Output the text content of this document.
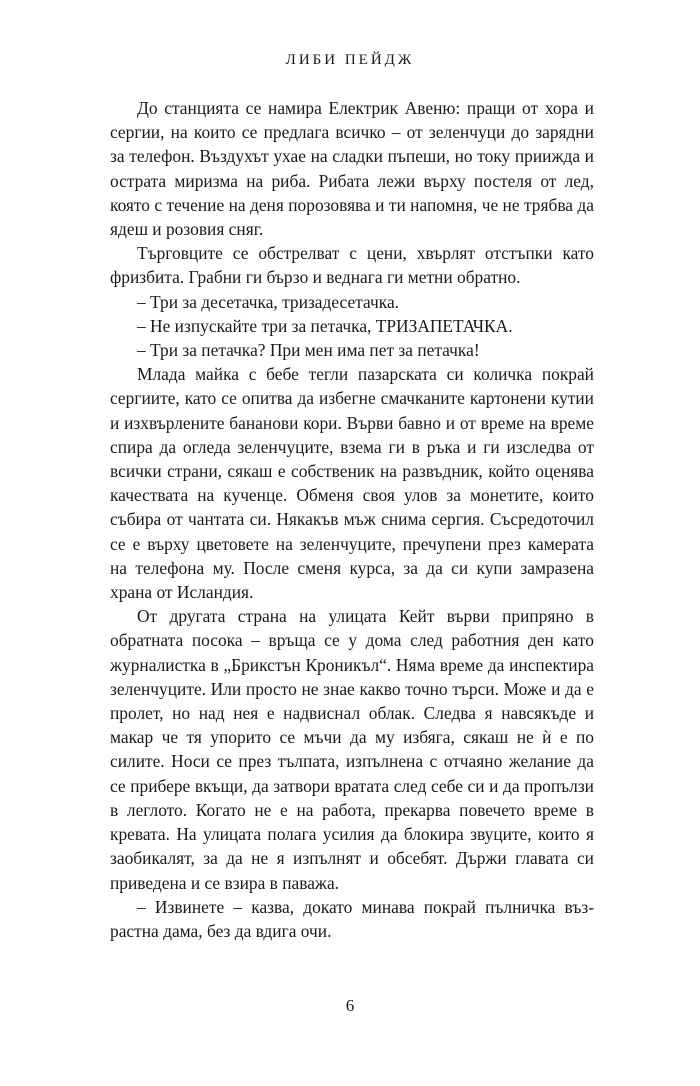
ЛИБИ ПЕЙДЖ

До станцията се намира Електрик Авеню: пращи от хора и сергии, на които се предлага всичко – от зеленчуци до зарядни за телефон. Въздухът ухае на сладки пъпеши, но току прииждa и острата миризма на риба. Рибата лежи върху постеля от лед, която с течение на деня порозовява и ти напомня, че не трябва да ядеш и розовия сняг.

Търговците се обстрелват с цени, хвърлят отстъпки като фризбита. Грабни ги бързо и веднага ги метни обратно.

– Три за десетачка, тризадесетачка.

– Не изпускайте три за петачка, ТРИЗАПЕТАЧКА.

– Три за петачка? При мен има пет за петачка!

Млада майка с бебе тегли пазарската си количка покрай сергиите, като се опитва да избегне смачканите картонени кутии и изхвърлените бананови кори. Върви бавно и от време на време спира да огледа зеленчуците, взема ги в ръка и ги изследва от всички страни, сякаш е собственик на развъдник, който оценява качествата на кученце. Обменя своя улов за монетите, които събира от чантата си. Някакъв мъж снима сергия. Съсредоточил се е върху цветовете на зеленчуците, пречупени през камерата на телефона му. После сменя курса, за да си купи замразена храна от Исландия.

От другата страна на улицата Кейт върви припряно в обратната посока – връща се у дома след работния ден като журналистка в „Брикстън Кроникъл“. Няма време да инспектира зеленчуците. Или просто не знае какво точно търси. Може и да е пролет, но над нея е надвиснал облак. Следва я навсякъде и макар че тя упорито се мъчи да му избяга, сякаш не ѝ е по силите. Носи се през тълпата, изпълнена с отчаяно желание да се прибере вкъщи, да затвори вратата след себе си и да пропълзи в леглото. Когато не е на работа, прекарва повечето време в кревата. На улицата полага усилия да блокира звуците, които я заобикалят, за да не я изпълнят и обсебят. Държи главата си приведена и се взира в паважа.

– Извинете – казва, докато минава покрай пълничка възрастна дама, без да вдига очи.

6
